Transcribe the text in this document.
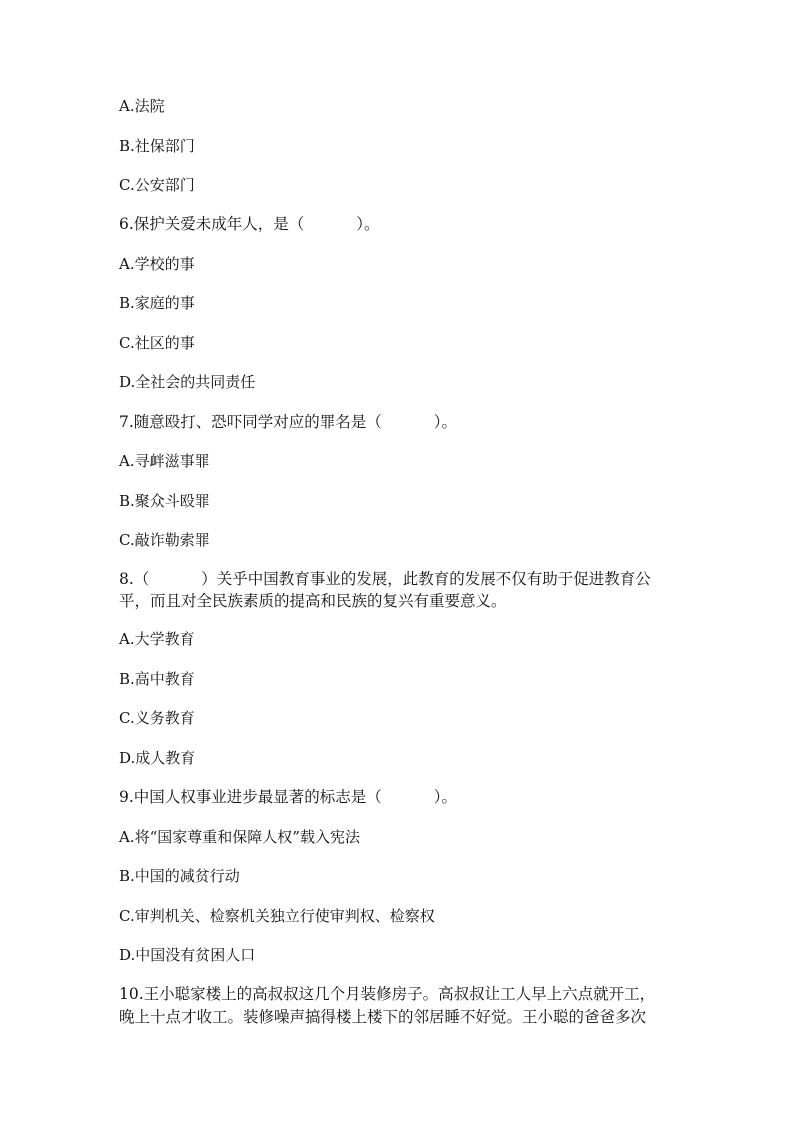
A.法院
B.社保部门
C.公安部门
6.保护关爱未成年人，是（	）。
A.学校的事
B.家庭的事
C.社区的事
D.全社会的共同责任
7.随意殴打、恐吓同学对应的罪名是（	）。
A.寻衅滋事罪
B.聚众斗殴罪
C.敲诈勒索罪
8.（	）关乎中国教育事业的发展，此教育的发展不仅有助于促进教育公
平，而且对全民族素质的提高和民族的复兴有重要意义。
A.大学教育
B.高中教育
C.义务教育
D.成人教育
9.中国人权事业进步最显著的标志是（	）。
A.将“国家尊重和保障人权”载入宪法
B.中国的减贫行动
C.审判机关、检察机关独立行使审判权、检察权
D.中国没有贫困人口
10.王小聪家楼上的高叔叔这几个月装修房子。高叔叔让工人早上六点就开工，
晚上十点才收工。装修噪声搞得楼上楼下的邻居睡不好觉。王小聪的爸爸多次
